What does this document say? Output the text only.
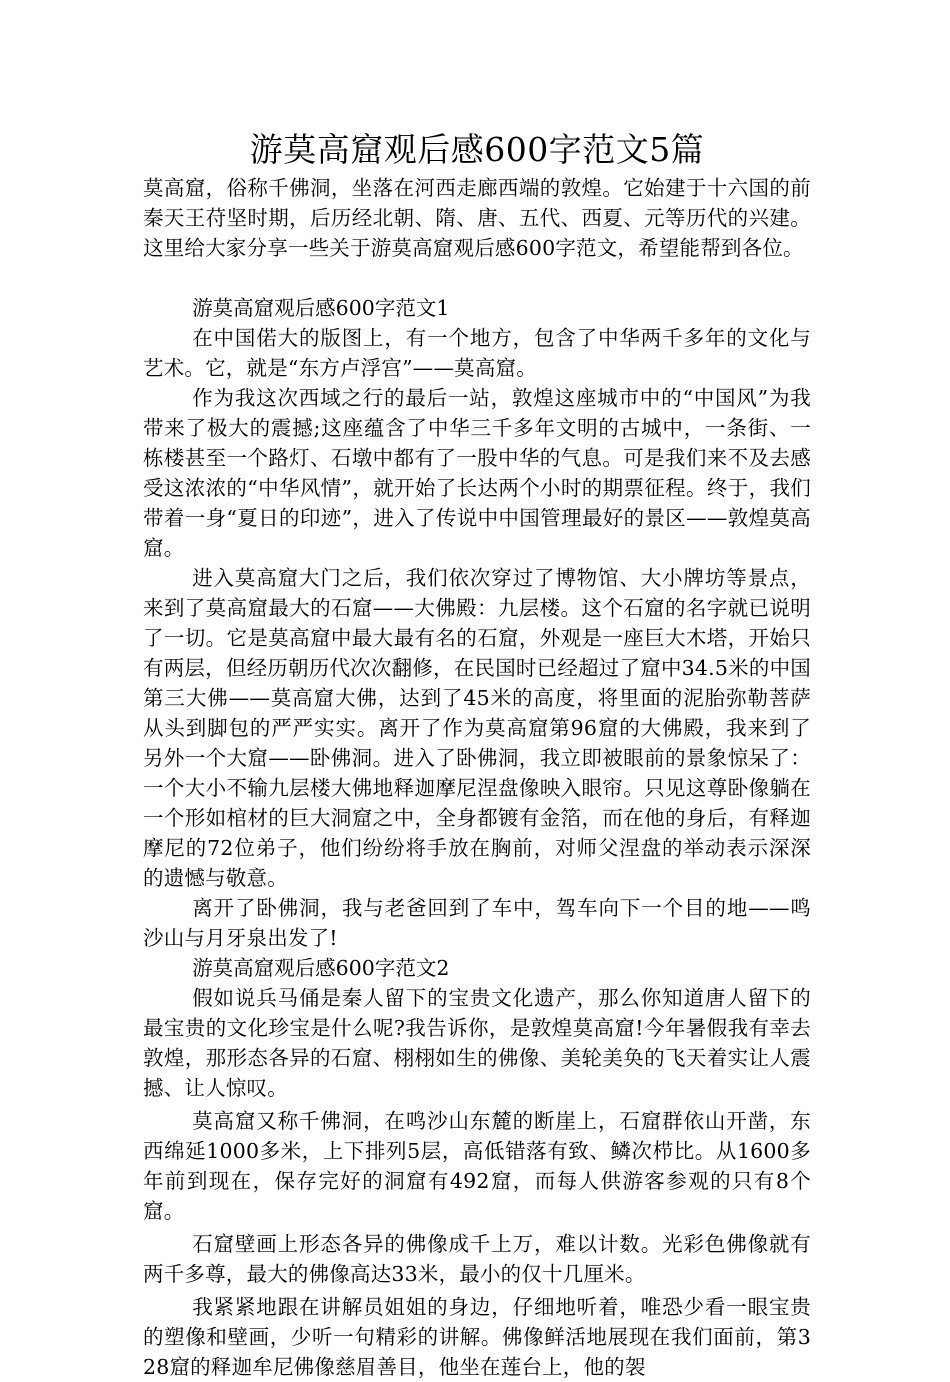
游莫高窟观后感600字范文5篇

莫高窟，俗称千佛洞，坐落在河西走廊西端的敦煌。它始建于十六国的前秦天王苻坚时期，后历经北朝、隋、唐、五代、西夏、元等历代的兴建。这里给大家分享一些关于游莫高窟观后感600字范文，希望能帮到各位。

游莫高窟观后感600字范文1

在中国偌大的版图上，有一个地方，包含了中华两千多年的文化与艺术。它，就是“东方卢浮宫”——莫高窟。

作为我这次西域之行的最后一站，敦煌这座城市中的“中国风”为我带来了极大的震撼;这座蕴含了中华三千多年文明的古城中，一条街、一栋楼甚至一个路灯、石墩中都有了一股中华的气息。可是我们来不及去感受这浓浓的“中华风情”，就开始了长达两个小时的期票征程。终于，我们带着一身“夏日的印迹”，进入了传说中中国管理最好的景区——敦煌莫高窟。

进入莫高窟大门之后，我们依次穿过了博物馆、大小牌坊等景点，来到了莫高窟最大的石窟——大佛殿：九层楼。这个石窟的名字就已说明了一切。它是莫高窟中最大最有名的石窟，外观是一座巨大木塔，开始只有两层，但经历朝历代次次翻修，在民国时已经超过了窟中34.5米的中国第三大佛——莫高窟大佛，达到了45米的高度，将里面的泥胎弥勒菩萨从头到脚包的严严实实。离开了作为莫高窟第96窟的大佛殿，我来到了另外一个大窟——卧佛洞。进入了卧佛洞，我立即被眼前的景象惊呆了：一个大小不输九层楼大佛地释迦摩尼涅盘像映入眼帘。只见这尊卧像躺在一个形如棺材的巨大洞窟之中，全身都镀有金箔，而在他的身后，有释迦摩尼的72位弟子，他们纷纷将手放在胸前，对师父涅盘的举动表示深深的遗憾与敬意。

离开了卧佛洞，我与老爸回到了车中，驾车向下一个目的地——鸣沙山与月牙泉出发了!

游莫高窟观后感600字范文2

假如说兵马俑是秦人留下的宝贵文化遗产，那么你知道唐人留下的最宝贵的文化珍宝是什么呢?我告诉你，是敦煌莫高窟!今年暑假我有幸去敦煌，那形态各异的石窟、栩栩如生的佛像、美轮美奂的飞天着实让人震撼、让人惊叹。

莫高窟又称千佛洞，在鸣沙山东麓的断崖上，石窟群依山开凿，东西绵延1000多米，上下排列5层，高低错落有致、鳞次栉比。从1600多年前到现在，保存完好的洞窟有492窟，而每人供游客参观的只有8个窟。

石窟壁画上形态各异的佛像成千上万，难以计数。光彩色佛像就有两千多尊，最大的佛像高达33米，最小的仅十几厘米。

我紧紧地跟在讲解员姐姐的身边，仔细地听着，唯恐少看一眼宝贵的塑像和壁画，少听一句精彩的讲解。佛像鲜活地展现在我们面前，第328窟的释迦牟尼佛像慈眉善目，他坐在莲台上，他的袈
